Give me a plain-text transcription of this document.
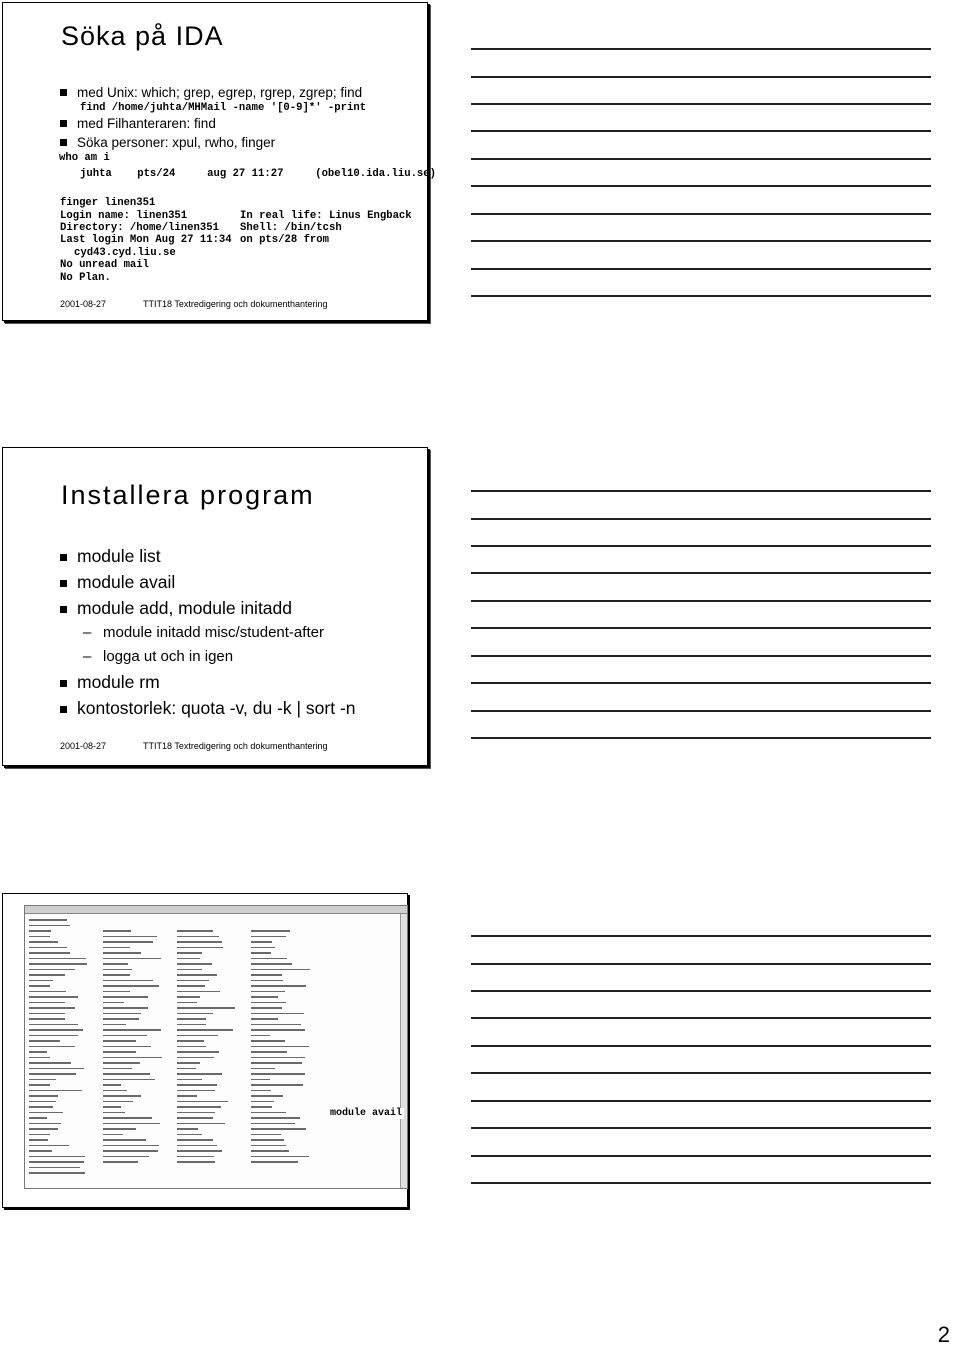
Söka på IDA
med Unix: which; grep, egrep, rgrep, zgrep; find
find /home/juhta/MHMail -name '[0-9]*' -print
med Filhanteraren: find
Söka personer: xpul, rwho, finger
who am i
juhta    pts/24     aug 27 11:27     (obel10.ida.liu.se)
finger linen351
Login name: linen351	In real life: Linus Engback
Directory: /home/linen351	Shell: /bin/tcsh
Last login Mon Aug 27 11:34 on pts/28 from
cyd43.cyd.liu.se
No unread mail
No Plan.
2001-08-27	TTIT18 Textredigering och dokumenthantering
Installera program
module list
module avail
module add, module initadd
– module initadd misc/student-after
– logga ut och in igen
module rm
kontostorlek: quota -v, du -k | sort -n
2001-08-27	TTIT18 Textredigering och dokumenthantering
module avail
2
